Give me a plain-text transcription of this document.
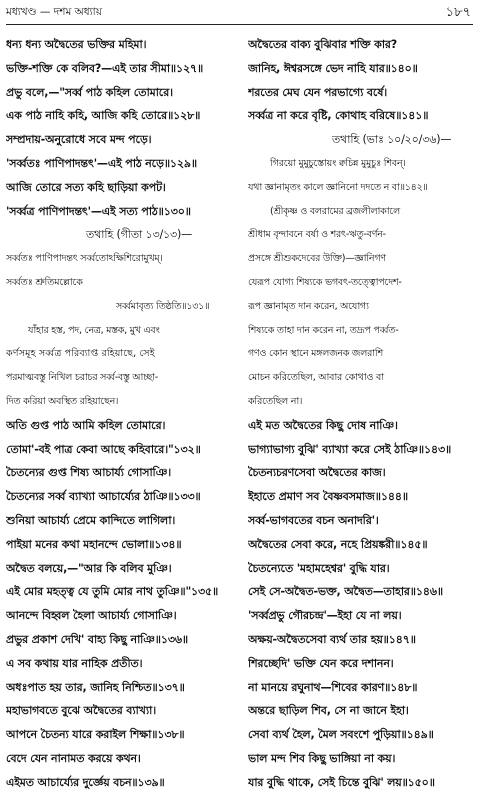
মধ্যখণ্ড — দশম অধ্যায়	১৮৭
ধন্য ধন্য অদ্বৈতের ভক্তির মহিমা।
ভক্তি-শক্তি কে বলিব?—এই তার সীমা॥১২৭॥
প্রভু বলে,—"সর্ব্ব পাঠ কহিল তোমারে।
এক পাঠ নাহি কহি, আজি কহি তোরে॥১২৮॥
সম্প্রদায়-অনুরোধে সবে মন্দ পড়ে।
'সর্ব্বতঃ পাণিপাদন্তৎ'—এই পাঠ নড়ে॥১২৯॥
আজি তোরে সত্য কহি ছাড়িয়া কপট।
'সর্ব্বত্র পাণিপাদন্তৎ'—এই সত্য পাঠ॥১৩০॥
তথাহি (গীতা ১৩/১৩)—
সর্ব্বতঃ পাণিপাদন্তৎ সর্ব্বতোঽক্ষিশিরোমুখম্।
সর্ব্বতঃ শ্রুতিমল্লোকে
সর্ব্বমাবৃত্য তিষ্ঠতি॥১৩১॥
যাঁহার হস্ত, পদ, নেত্র, মস্তক, মুখ এবং
কর্ণসমূহ সর্ব্বত্র পরিব্যাপ্ত রহিয়াছে, সেই
পরমাত্মবস্তু নিখিল চরাচর সর্ব্ব-বস্তু আচ্ছা-
দিত করিয়া অবস্থিত রহিয়াছেন।
অতি গুপ্ত পাঠ আমি কহিল তোমারে।
তোমা'-বই পাত্র কেবা আছে কহিবারে।"১৩২॥
চৈতন্যের গুপ্ত শিষ্য আচার্য্য গোসাঞি।
চৈতন্যের সর্ব্ব ব্যাখ্যা আচার্য্যের ঠাঞি॥১৩৩॥
শুনিয়া আচার্য্য প্রেমে কান্দিতে লাগিলা।
পাইয়া মনের কথা মহানন্দে ভোলা॥১৩৪॥
অদ্বৈত বলয়ে,—"আর কি বলিব মুঞি।
এই মোর মহত্ত্ব যে তুমি মোর নাথ তুঞি॥"১৩৫॥
আনন্দে বিহ্বল হৈলা আচার্য্য গোসাঞি।
প্রভুর প্রকাশ দেখি' বাহ্য কিছু নাঞি॥১৩৬॥
এ সব কথায় যার নাহিক প্রতীত।
অধঃপাত হয় তার, জানিহ নিশ্চিত॥১৩৭॥
মহাভাগবতে বুঝে অদ্বৈতের ব্যাখ্যা।
আপনে চৈতন্য যারে করাইল শিক্ষা॥১৩৮॥
বেদে যেন নানামত করয়ে কথন।
এইমত আচার্য্যের দুর্জ্ঞেয় বচন॥১৩৯॥
অদ্বৈতের বাক্য বুঝিবার শক্তি কার?
জানিহ, ঈশ্বরসঙ্গে ভেদ নাহি যার॥১৪০॥
শরতের মেঘ যেন পরভাগ্যে বর্ষে।
সর্ব্বত্র না করে বৃষ্টি, কোথাহ বরিষে॥১৪১॥
তথাহি (ভাঃ ১০/২০/৩৬)—
গিরয়ো মুমুচুস্তোয়ং ক্বচিন্ন মুমুচুঃ শিবন্।
যথা জ্ঞানামৃতং কালে জ্ঞানিনো দদতে ন বা॥১৪২॥
(শ্রীকৃষ্ণ ও বলরামের ব্রজলীলাকালে
শ্রীধাম বৃন্দাবনে বর্ষা ও শরৎ-ঋতু-বর্ণন-
প্রসঙ্গে শ্রীশুকদেবের উক্তি)—জ্ঞানিগণ
যেরূপ যোগ্য শিষ্যকে ভগবৎ-তত্ত্বোপদেশ-
রূপ জ্ঞানামৃত দান করেন, অযোগ্য
শিষ্যকে তাহা দান করেন না, তদ্রূপ পর্ব্বত-
গণও কোন স্থানে মঙ্গলজনক জলরাশি
মোচন করিতেছিল, আবার কোথাও বা
করিতেছিল না।
এই মত অদ্বৈতের কিছু দোষ নাঞি।
ভাগ্যাভাগ্য বুঝি' ব্যাখ্যা করে সেই ঠাঞি॥১৪৩॥
চৈতন্যচরণসেবা অদ্বৈতের কাজ।
ইহাতে প্রমাণ সব বৈষ্ণবসমাজ॥১৪৪॥
সর্ব্ব-ভাগবতের বচন অনাদরি'।
অদ্বৈতের সেবা করে, নহে প্রিয়ঙ্করী॥১৪৫॥
চৈতন্যেতে 'মহামহেশ্বর' বুদ্ধি যার।
সেই সে-অদ্বৈত-ভক্ত, অদ্বৈত—তাহার॥১৪৬॥
'সর্ব্বপ্রভু গৌরচন্দ্র'—ইহা যে না লয়।
অক্ষয়-অদ্বৈতসেবা ব্যর্থ তার হয়॥১৪৭॥
শিরচ্ছেদি' ভক্তি যেন করে দশানন।
না মানয়ে রঘুনাথ—শিবের কারণ॥১৪৮॥
অন্তরে ছাড়িল শিব, সে না জানে ইহা।
সেবা ব্যর্থ হৈল, মৈল সবংশে পুড়িয়া॥১৪৯॥
ভাল মন্দ শিব কিছু ভাঙ্গিয়া না কয়।
যার বুদ্ধি থাকে, সেই চিন্তে বুঝি' লয়॥১৫০॥
